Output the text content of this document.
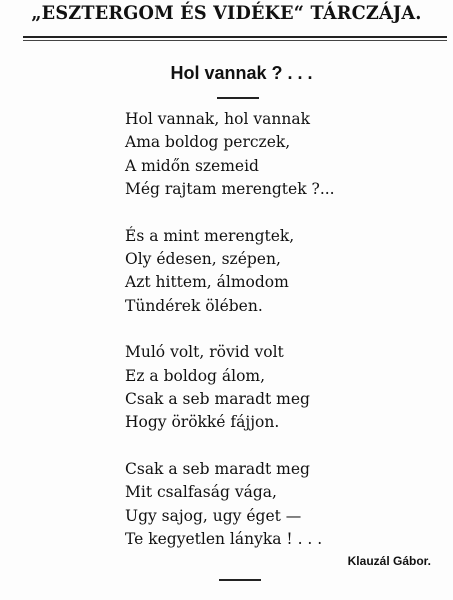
„ESZTERGOM ÉS VIDÉKE“ TÁRCZÁJA.
Hol vannak ? . . .
Hol vannak, hol vannak
Ama boldog perczek,
A midőn szemeid
Még rajtam merengtek ?...
És a mint merengtek,
Oly édesen, szépen,
Azt hittem, álmodom
Tündérek ölében.
Muló volt, rövid volt
Ez a boldog álom,
Csak a seb maradt meg
Hogy örökké fájjon.
Csak a seb maradt meg
Mit csalfaság vága,
Ugy sajog, ugy éget —
Te kegyetlen lánykа ! . . .
Klauzál Gábor.
